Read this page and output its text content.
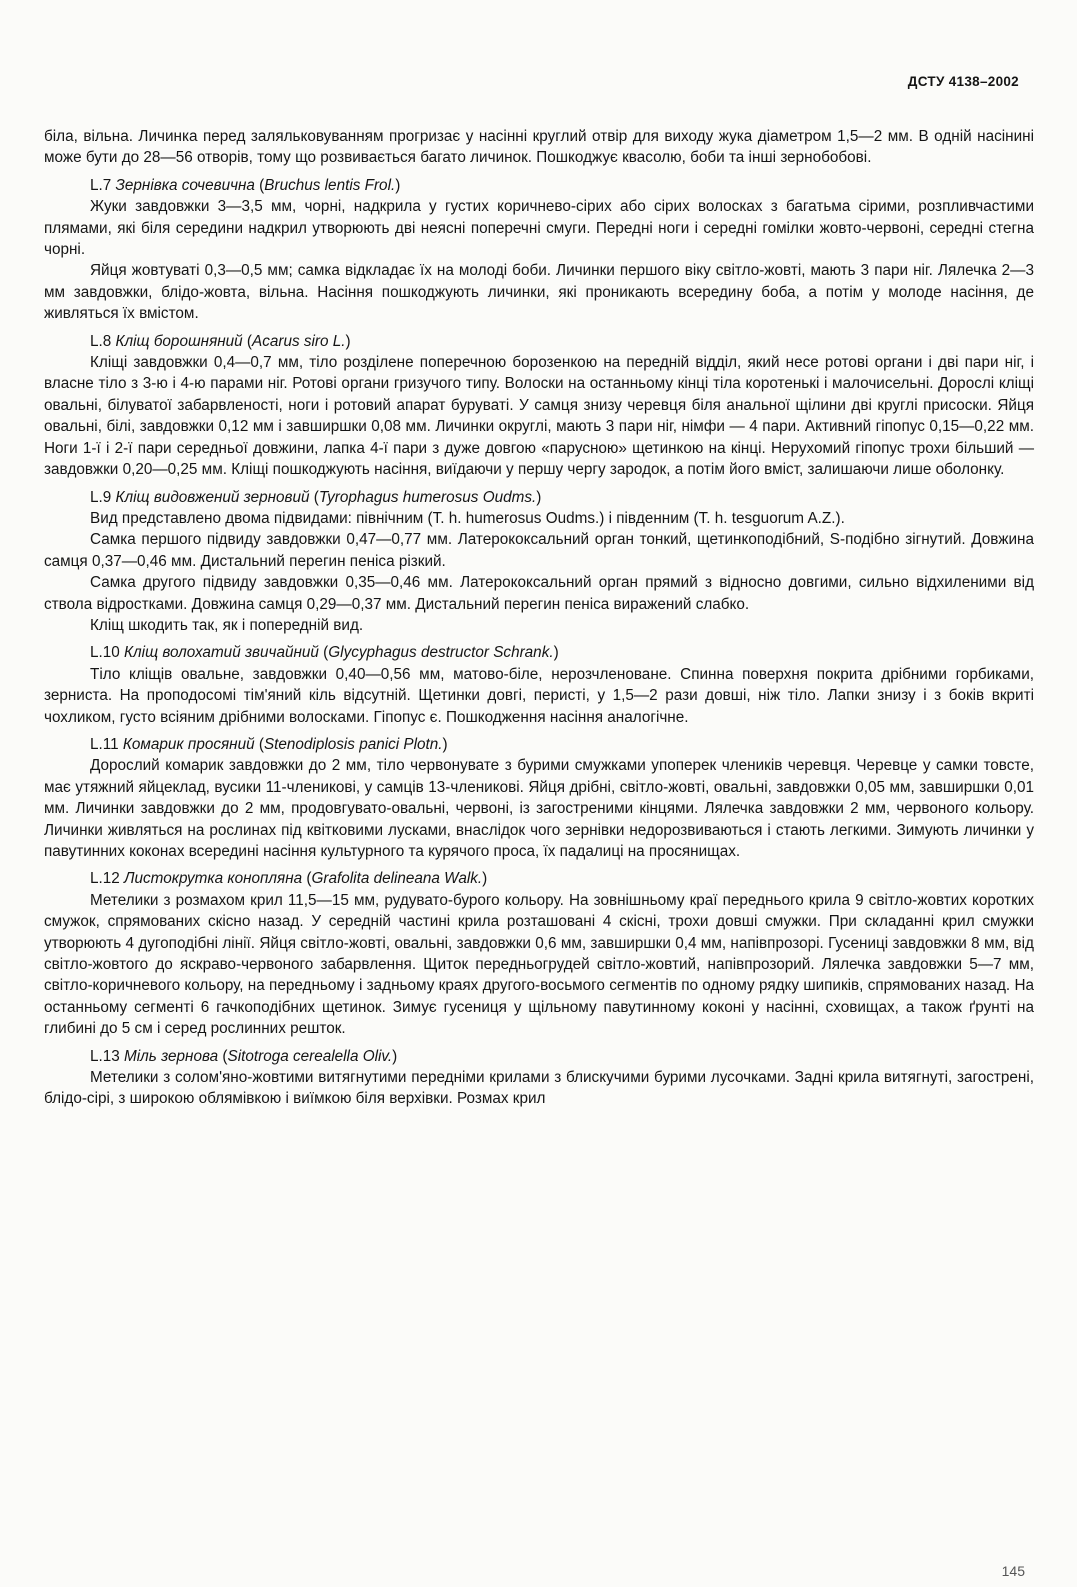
ДСТУ 4138–2002

біла, вільна. Личинка перед заляльковуванням прогризає у насінні круглий отвір для виходу жука діаметром 1,5—2 мм. В одній насінині може бути до 28—56 отворів, тому що розвивається багато личинок. Пошкоджує квасолю, боби та інші зернобобові.

L.7 Зернівка сочевична (Bruchus lentis Frol.)

Жуки завдовжки 3—3,5 мм, чорні, надкрила у густих коричнево-сірих або сірих волосках з багатьма сірими, розпливчастими плямами, які біля середини надкрил утворюють дві неясні поперечні смуги. Передні ноги і середні гомілки жовто-червоні, середні стегна чорні.

Яйця жовтуваті 0,3—0,5 мм; самка відкладає їх на молоді боби. Личинки першого віку світло-жовті, мають 3 пари ніг. Лялечка 2—3 мм завдовжки, блідо-жовта, вільна. Насіння пошкоджують личинки, які проникають всередину боба, а потім у молоде насіння, де живляться їх вмістом.

L.8 Кліщ борошняний (Acarus siro L.)

Кліщі завдовжки 0,4—0,7 мм, тіло розділене поперечною борозенкою на передній відділ, який несе ротові органи і дві пари ніг, і власне тіло з 3-ю і 4-ю парами ніг. Ротові органи гризучого типу. Волоски на останньому кінці тіла коротенькі і малочисельні. Дорослі кліщі овальні, білуватої забарвленості, ноги і ротовий апарат буруваті. У самця знизу черевця біля анальної щілини дві круглі присоски. Яйця овальні, білі, завдовжки 0,12 мм і завширшки 0,08 мм. Личинки округлі, мають 3 пари ніг, німфи — 4 пари. Активний гіпопус 0,15—0,22 мм. Ноги 1-ї і 2-ї пари середньої довжини, лапка 4-ї пари з дуже довгою «парусною» щетинкою на кінці. Нерухомий гіпопус трохи більший — завдовжки 0,20—0,25 мм. Кліщі пошкоджують насіння, виїдаючи у першу чергу зародок, а потім його вміст, залишаючи лише оболонку.

L.9 Кліщ видовжений зерновий (Tyrophagus humerosus Oudms.)

Вид представлено двома підвидами: північним (T. h. humerosus Oudms.) і південним (T. h. tesguorum A.Z.).

Самка першого підвиду завдовжки 0,47—0,77 мм. Латерококсальний орган тонкий, щетинкоподібний, S-подібно зігнутий. Довжина самця 0,37—0,46 мм. Дистальний перегин пеніса різкий.

Самка другого підвиду завдовжки 0,35—0,46 мм. Латерококсальний орган прямий з відносно довгими, сильно відхиленими від ствола відростками. Довжина самця 0,29—0,37 мм. Дистальний перегин пеніса виражений слабко.

Кліщ шкодить так, як і попередній вид.

L.10 Кліщ волохатий звичайний (Glycyphagus destructor Schrank.)

Тіло кліщів овальне, завдовжки 0,40—0,56 мм, матово-біле, нерозчленоване. Спинна поверхня покрита дрібними горбиками, зерниста. На проподосомі тім'яний кіль відсутній. Щетинки довгі, перисті, у 1,5—2 рази довші, ніж тіло. Лапки знизу і з боків вкриті чохликом, густо всіяним дрібними волосками. Гіпопус є. Пошкодження насіння аналогічне.

L.11 Комарик просяний (Stenodiplosis panici Plotn.)

Дорослий комарик завдовжки до 2 мм, тіло червонувате з бурими смужками упоперек члеників черевця. Черевце у самки товсте, має утяжний яйцеклад, вусики 11-членикові, у самців 13-членикові. Яйця дрібні, світло-жовті, овальні, завдовжки 0,05 мм, завширшки 0,01 мм. Личинки завдовжки до 2 мм, продовгувато-овальні, червоні, із загостреними кінцями. Лялечка завдовжки 2 мм, червоного кольору. Личинки живляться на рослинах під квітковими лусками, внаслідок чого зернівки недорозвиваються і стають легкими. Зимують личинки у павутинних коконах всередині насіння культурного та курячого проса, їх падалиці на просянищах.

L.12 Листокрутка конопляна (Grafolita delineana Walk.)

Метелики з розмахом крил 11,5—15 мм, рудувато-бурого кольору. На зовнішньому краї переднього крила 9 світло-жовтих коротких смужок, спрямованих скісно назад. У середній частині крила розташовані 4 скісні, трохи довші смужки. При складанні крил смужки утворюють 4 дугоподібні лінії. Яйця світло-жовті, овальні, завдовжки 0,6 мм, завширшки 0,4 мм, напівпрозорі. Гусениці завдовжки 8 мм, від світло-жовтого до яскраво-червоного забарвлення. Щиток передньогрудей світло-жовтий, напівпрозорий. Лялечка завдовжки 5—7 мм, світло-коричневого кольору, на передньому і задньому краях другого-восьмого сегментів по одному рядку шипиків, спрямованих назад. На останньому сегменті 6 гачкоподібних щетинок. Зимує гусениця у щільному павутинному коконі у насінні, сховищах, а також ґрунті на глибині до 5 см і серед рослинних решток.

L.13 Міль зернова (Sitotroga cerealella Oliv.)

Метелики з солом'яно-жовтими витягнутими передніми крилами з блискучими бурими лусочками. Задні крила витягнуті, загострені, блідо-сірі, з широкою облямівкою і виїмкою біля верхівки. Розмах крил

145
